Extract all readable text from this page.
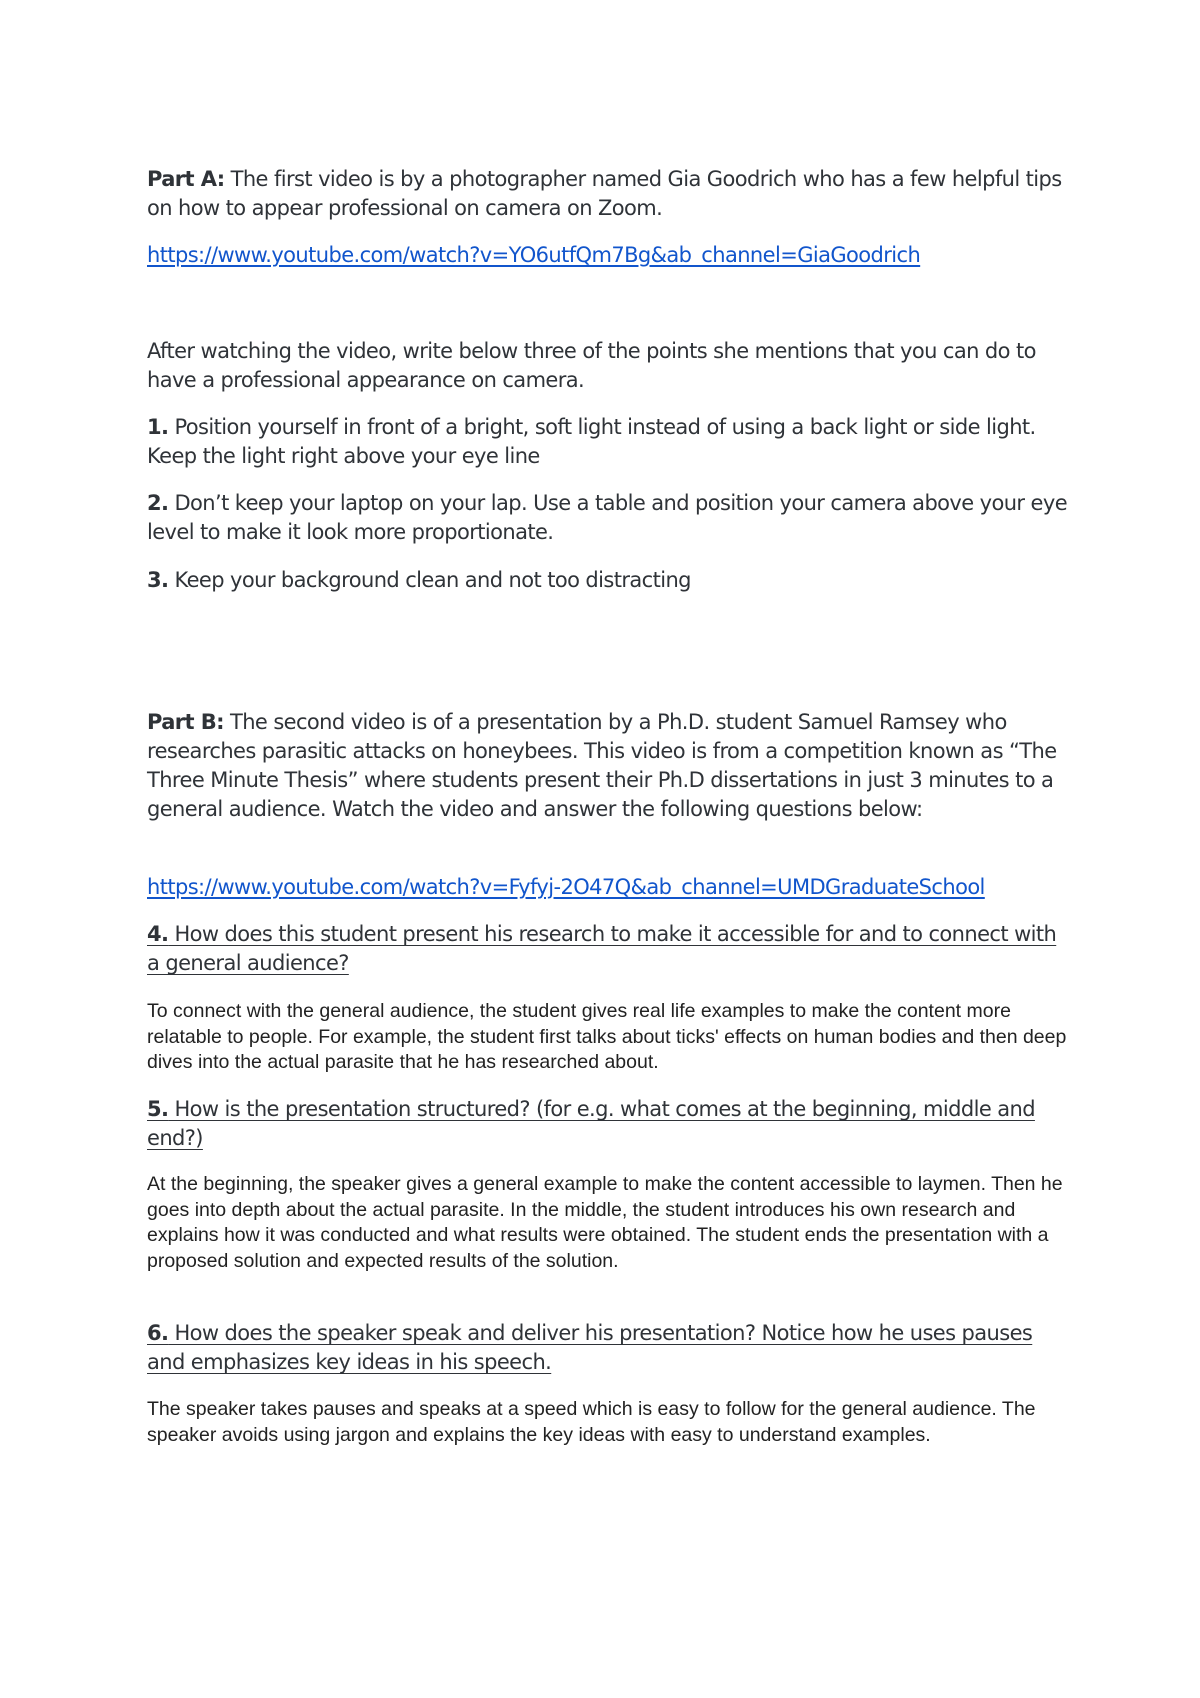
Part A: The first video is by a photographer named Gia Goodrich who has a few helpful tips on how to appear professional on camera on Zoom.

https://www.youtube.com/watch?v=YO6utfQm7Bg&ab_channel=GiaGoodrich

After watching the video, write below three of the points she mentions that you can do to have a professional appearance on camera.

1. Position yourself in front of a bright, soft light instead of using a back light or side light. Keep the light right above your eye line

2. Don’t keep your laptop on your lap. Use a table and position your camera above your eye level to make it look more proportionate.

3. Keep your background clean and not too distracting

Part B: The second video is of a presentation by a Ph.D. student Samuel Ramsey who researches parasitic attacks on honeybees. This video is from a competition known as “The Three Minute Thesis” where students present their Ph.D dissertations in just 3 minutes to a general audience. Watch the video and answer the following questions below:

https://www.youtube.com/watch?v=Fyfyj-2O47Q&ab_channel=UMDGraduateSchool

4. How does this student present his research to make it accessible for and to connect with a general audience?

To connect with the general audience, the student gives real life examples to make the content more relatable to people. For example, the student first talks about ticks' effects on human bodies and then deep dives into the actual parasite that he has researched about.

5. How is the presentation structured? (for e.g. what comes at the beginning, middle and end?)

At the beginning, the speaker gives a general example to make the content accessible to laymen. Then he goes into depth about the actual parasite. In the middle, the student introduces his own research and explains how it was conducted and what results were obtained. The student ends the presentation with a proposed solution and expected results of the solution.

6. How does the speaker speak and deliver his presentation? Notice how he uses pauses and emphasizes key ideas in his speech.

The speaker takes pauses and speaks at a speed which is easy to follow for the general audience. The speaker avoids using jargon and explains the key ideas with easy to understand examples.
